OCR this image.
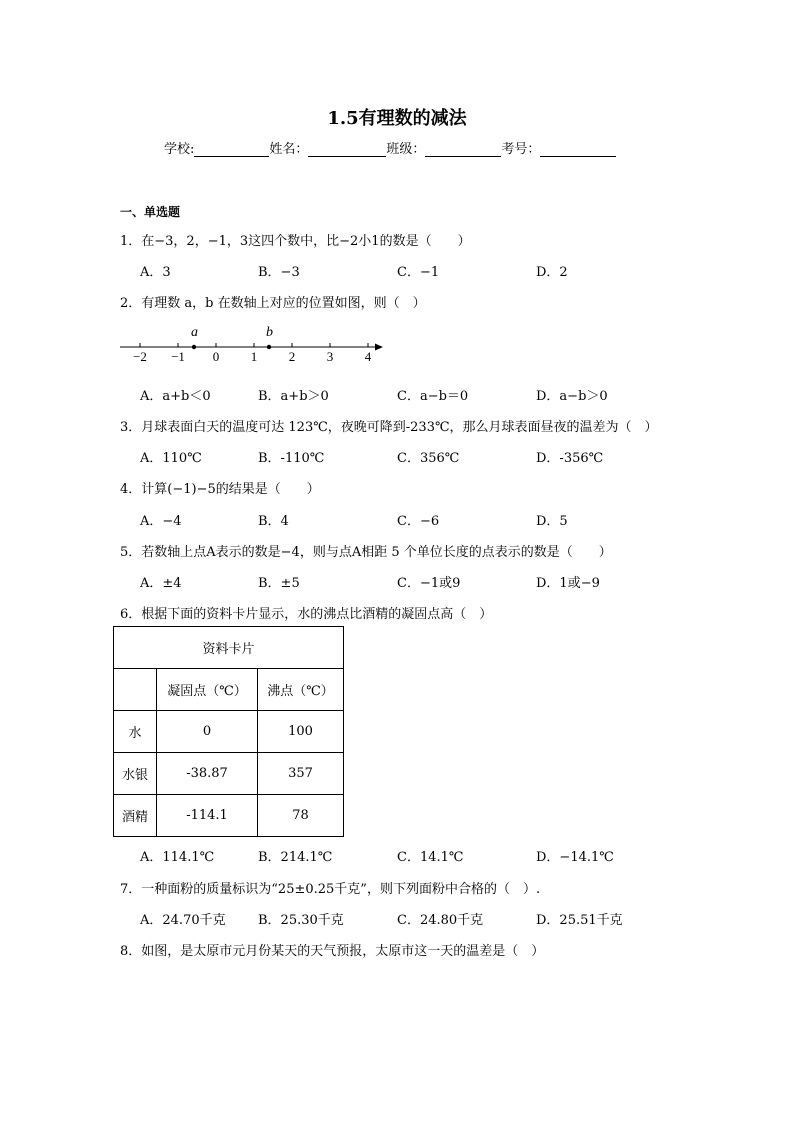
1.5有理数的减法
学校:	姓名：	班级：	考号：
一、单选题
1．在−3，2，−1，3这四个数中，比−2小1的数是（　　）
A．3	B．−3	C．−1	D．2
2．有理数 a，b 在数轴上对应的位置如图，则（　）
a	b
−2 −1 0 1 2 3 4
A．a+b＜0	B．a+b＞0	C．a−b＝0	D．a−b＞0
3．月球表面白天的温度可达 123℃，夜晚可降到-233℃，那么月球表面昼夜的温差为（　）
A．110℃	B．-110℃	C．356℃	D．-356℃
4．计算(−1)−5的结果是（　　）
A．−4	B．4	C．−6	D．5
5．若数轴上点A表示的数是−4，则与点A相距 5 个单位长度的点表示的数是（　　）
A．±4	B．±5	C．−1或9	D．1或−9
6．根据下面的资料卡片显示，水的沸点比酒精的凝固点高（　）
资料卡片		
	凝固点（℃）	沸点（℃）
水	0	100
水银	-38.87	357
酒精	-114.1	78
A．114.1℃	B．214.1℃	C．14.1℃	D．−14.1℃
7．一种面粉的质量标识为“25±0.25千克”，则下列面粉中合格的（　）.
A．24.70千克 B．25.30千克	C．24.80千克	D．25.51千克
8．如图，是太原市元月份某天的天气预报，太原市这一天的温差是（　）
